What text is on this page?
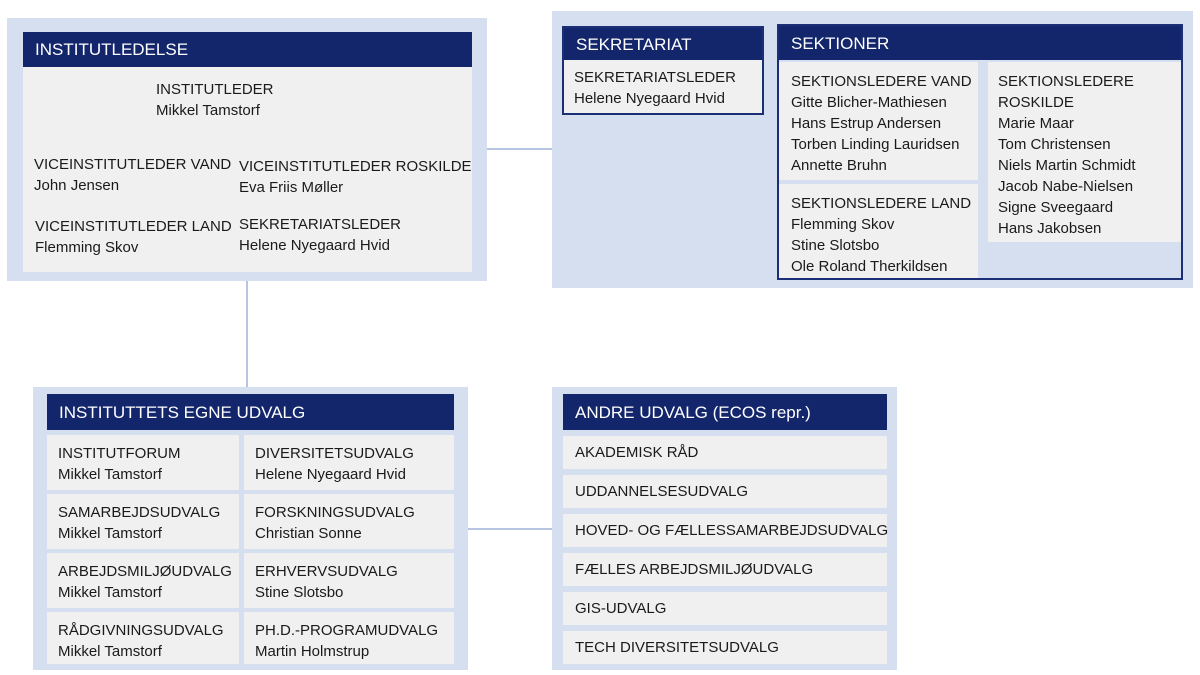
INSTITUTLEDELSE
INSTITUTLEDER
Mikkel Tamstorf
VICEINSTITUTLEDER VAND
John Jensen
VICEINSTITUTLEDER ROSKILDE
Eva Friis Møller
VICEINSTITUTLEDER LAND
Flemming Skov
SEKRETARIATSLEDER
Helene Nyegaard Hvid
SEKRETARIAT
SEKRETARIATSLEDER
Helene Nyegaard Hvid
SEKTIONER
SEKTIONSLEDERE VAND
Gitte Blicher-Mathiesen
Hans Estrup Andersen
Torben Linding Lauridsen
Annette Bruhn
SEKTIONSLEDERE LAND
Flemming Skov
Stine Slotsbo
Ole Roland Therkildsen
SEKTIONSLEDERE
ROSKILDE
Marie Maar
Tom Christensen
Niels Martin Schmidt
Jacob Nabe-Nielsen
Signe Sveegaard
Hans Jakobsen
INSTITUTTETS EGNE UDVALG
INSTITUTFORUM
Mikkel Tamstorf
DIVERSITETSUDVALG
Helene Nyegaard Hvid
SAMARBEJDSUDVALG
Mikkel Tamstorf
FORSKNINGSUDVALG
Christian Sonne
ARBEJDSMILJØUDVALG
Mikkel Tamstorf
ERHVERVSUDVALG
Stine Slotsbo
RÅDGIVNINGSUDVALG
Mikkel Tamstorf
PH.D.-PROGRAMUDVALG
Martin Holmstrup
ANDRE UDVALG (ECOS repr.)
AKADEMISK RÅD
UDDANNELSESUDVALG
HOVED- OG FÆLLESSAMARBEJDSUDVALG
FÆLLES ARBEJDSMILJØUDVALG
GIS-UDVALG
TECH DIVERSITETSUDVALG
